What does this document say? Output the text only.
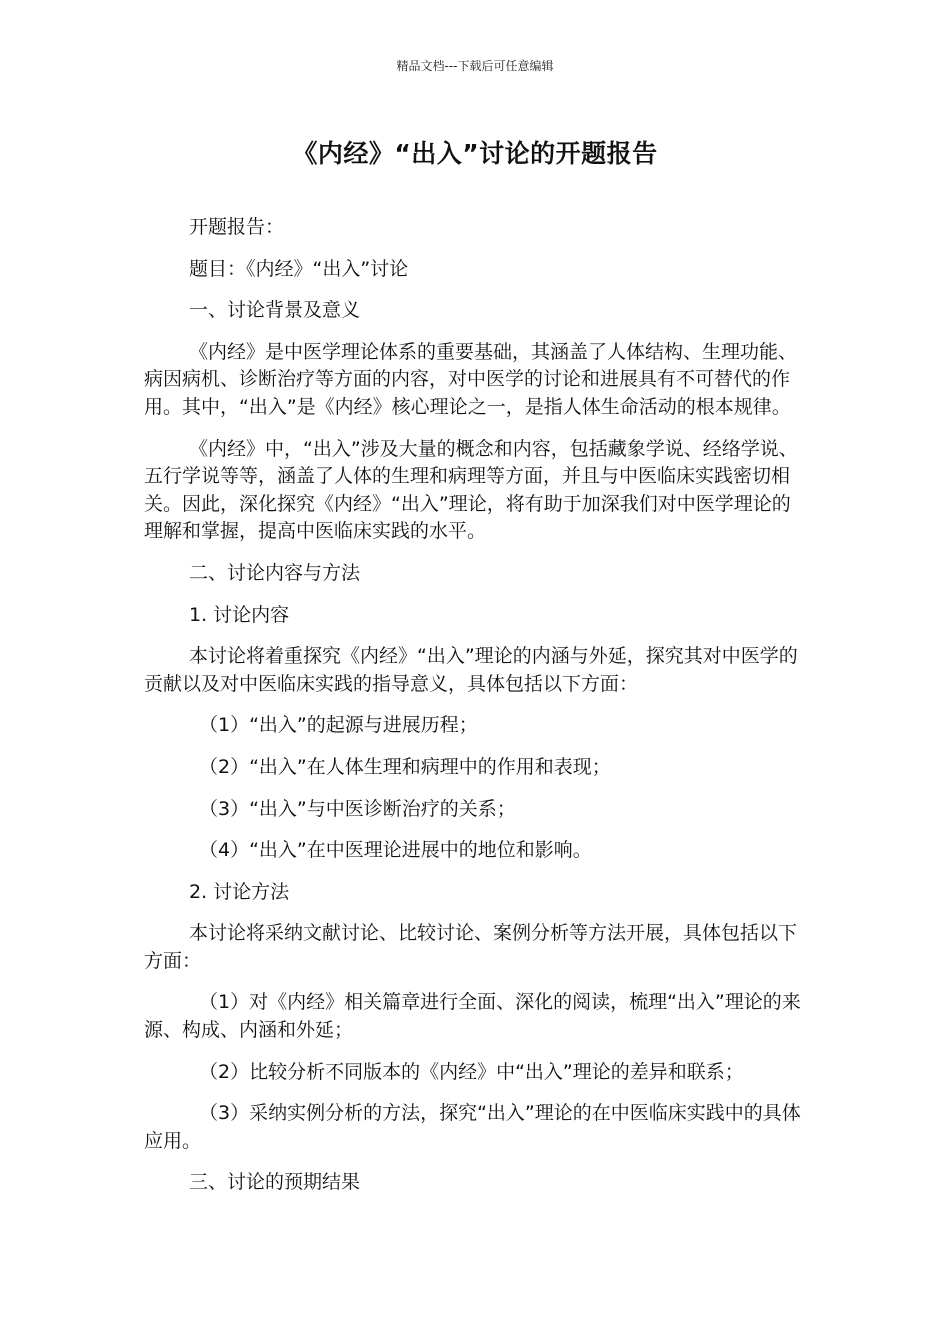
精品文档---下载后可任意编辑
《内经》“出入”讨论的开题报告

开题报告：

题目：《内经》“出入”讨论

一、讨论背景及意义

《内经》是中医学理论体系的重要基础，其涵盖了人体结构、生理功能、病因病机、诊断治疗等方面的内容，对中医学的讨论和进展具有不可替代的作用。其中，“出入”是《内经》核心理论之一，是指人体生命活动的根本规律。

《内经》中，“出入”涉及大量的概念和内容，包括藏象学说、经络学说、五行学说等等，涵盖了人体的生理和病理等方面，并且与中医临床实践密切相关。因此，深化探究《内经》“出入”理论，将有助于加深我们对中医学理论的理解和掌握，提高中医临床实践的水平。

二、讨论内容与方法

1. 讨论内容

本讨论将着重探究《内经》“出入”理论的内涵与外延，探究其对中医学的贡献以及对中医临床实践的指导意义，具体包括以下方面：

（1）“出入”的起源与进展历程；

（2）“出入”在人体生理和病理中的作用和表现；

（3）“出入”与中医诊断治疗的关系；

（4）“出入”在中医理论进展中的地位和影响。

2. 讨论方法

本讨论将采纳文献讨论、比较讨论、案例分析等方法开展，具体包括以下方面：

（1）对《内经》相关篇章进行全面、深化的阅读，梳理“出入”理论的来源、构成、内涵和外延；

（2）比较分析不同版本的《内经》中“出入”理论的差异和联系；

（3）采纳实例分析的方法，探究“出入”理论的在中医临床实践中的具体应用。

三、讨论的预期结果
